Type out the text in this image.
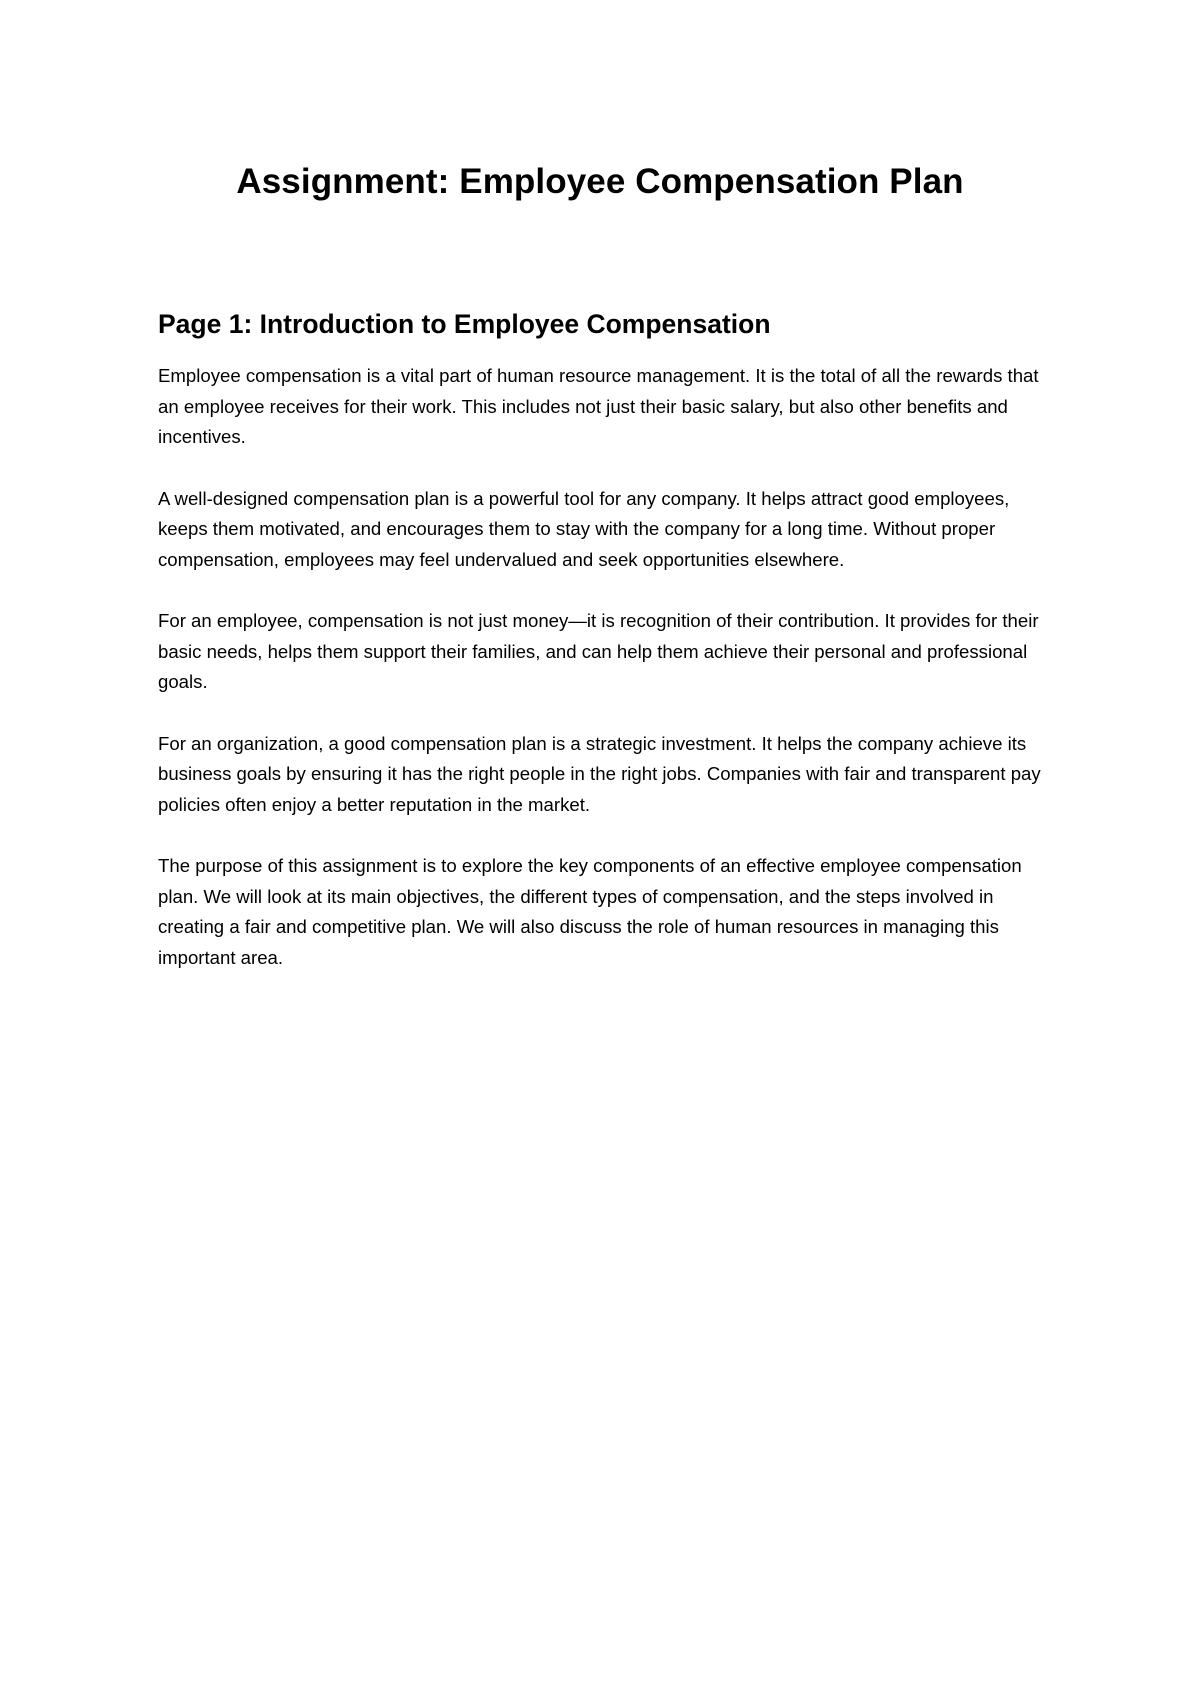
Assignment: Employee Compensation Plan
Page 1: Introduction to Employee Compensation

Employee compensation is a vital part of human resource management. It is the total of all the rewards that an employee receives for their work. This includes not just their basic salary, but also other benefits and incentives.

A well-designed compensation plan is a powerful tool for any company. It helps attract good employees, keeps them motivated, and encourages them to stay with the company for a long time. Without proper compensation, employees may feel undervalued and seek opportunities elsewhere.

For an employee, compensation is not just money—it is recognition of their contribution. It provides for their basic needs, helps them support their families, and can help them achieve their personal and professional goals.

For an organization, a good compensation plan is a strategic investment. It helps the company achieve its business goals by ensuring it has the right people in the right jobs. Companies with fair and transparent pay policies often enjoy a better reputation in the market.

The purpose of this assignment is to explore the key components of an effective employee compensation plan. We will look at its main objectives, the different types of compensation, and the steps involved in creating a fair and competitive plan. We will also discuss the role of human resources in managing this important area.
